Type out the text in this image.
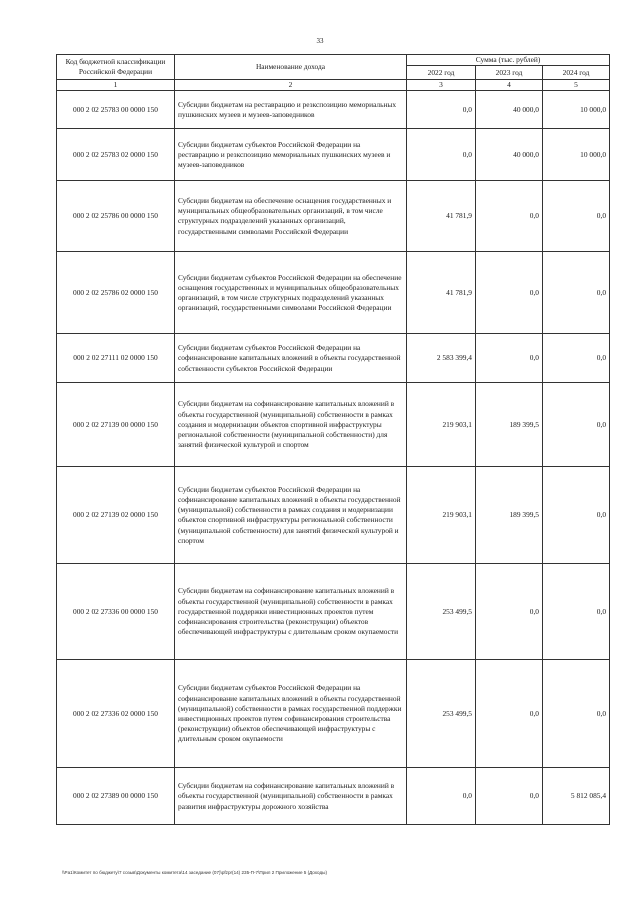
33
Код бюджетной классификации Российской Федерации	Наименование дохода	Сумма (тыс. рублей)		
		2022 год	2023 год	2024 год
1	2	3	4	5
000 2 02 25783 00 0000 150	Субсидии бюджетам на реставрацию и резкспозицию мемориальных пушкинских музеев и музеев-заповедников	0,0	40 000,0	10 000,0
000 2 02 25783 02 0000 150	Субсидии бюджетам субъектов Российской Федерации на реставрацию и резкспозицию мемориальных пушкинских музеев и музеев-заповедников	0,0	40 000,0	10 000,0
000 2 02 25786 00 0000 150	Субсидии бюджетам на обеспечение оснащения государственных и муниципальных общеобразовательных организаций, в том числе структурных подразделений указанных организаций, государственными символами Российской Федерации	41 781,9	0,0	0,0
000 2 02 25786 02 0000 150	Субсидии бюджетам субъектов Российской Федерации на обеспечение оснащения государственных и муниципальных общеобразовательных организаций, в том числе структурных подразделений указанных организаций, государственными символами Российской Федерации	41 781,9	0,0	0,0
000 2 02 27111 02 0000 150	Субсидии бюджетам субъектов Российской Федерации на софинансирование капитальных вложений в объекты государственной собственности субъектов Российской Федерации	2 583 399,4	0,0	0,0
000 2 02 27139 00 0000 150	Субсидии бюджетам на софинансирование капитальных вложений в объекты государственной (муниципальной) собственности в рамках создания и модернизации объектов спортивной инфраструктуры региональной собственности (муниципальной собственности) для занятий физической культурой и спортом	219 903,1	189 399,5	0,0
000 2 02 27139 02 0000 150	Субсидии бюджетам субъектов Российской Федерации на софинансирование капитальных вложений в объекты государственной (муниципальной) собственности в рамках создания и модернизации объектов спортивной инфраструктуры региональной собственности (муниципальной собственности) для занятий физической культурой и спортом	219 903,1	189 399,5	0,0
000 2 02 27336 00 0000 150	Субсидии бюджетам на софинансирование капитальных вложений в объекты государственной (муниципальной) собственности в рамках государственной поддержки инвестиционных проектов путем софинансирования строительства (реконструкции) объектов обеспечивающей инфраструктуры с длительным сроком окупаемости	253 499,5	0,0	0,0
000 2 02 27336 02 0000 150	Субсидии бюджетам субъектов Российской Федерации на софинансирование капитальных вложений в объекты государственной (муниципальной) собственности в рамках государственной поддержки инвестиционных проектов путем софинансирования строительства (реконструкции) объектов обеспечивающей инфраструктуры с длительным сроком окупаемости	253 499,5	0,0	0,0
000 2 02 27389 00 0000 150	Субсидии бюджетам на софинансирование капитальных вложений в объекты государственной (муниципальной) собственности в рамках развития инфраструктуры дорожного хозяйства	0,0	0,0	5 812 085,4
\\Pa1\Комитет по бюджету\7 созыв\Документы комитета\14 заседание (07)\pfzpr(14) 235-П-7\Прил 2 Приложение 5 (Доходы)
